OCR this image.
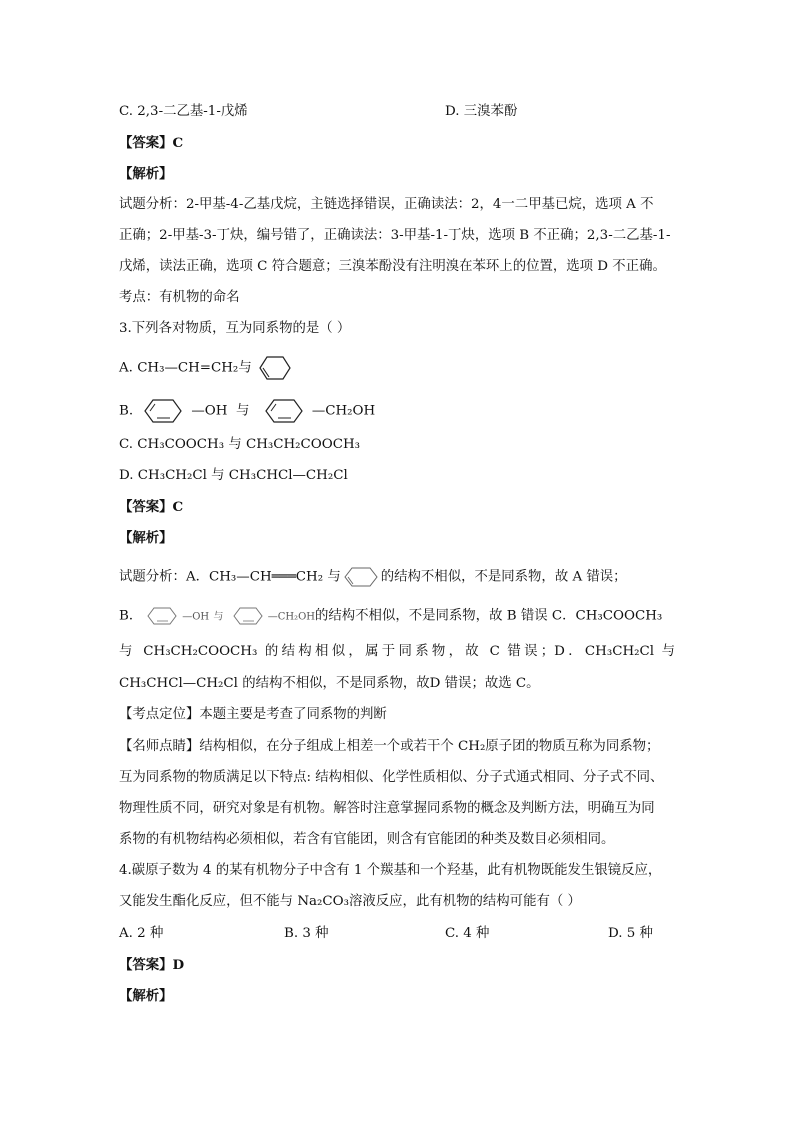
C. 2,3-二乙基-1-戊烯	D. 三溴苯酚
【答案】C
【解析】
试题分析：2-甲基-4-乙基戊烷，主链选择错误，正确读法：2，4一二甲基已烷，选项 A 不
正确；2-甲基-3-丁炔，编号错了，正确读法：3-甲基-1-丁炔，选项 B 不正确；2,3-二乙基-1-
戊烯，读法正确，选项 C 符合题意；三溴苯酚没有注明溴在苯环上的位置，选项 D 不正确。
考点：有机物的命名
3.下列各对物质，互为同系物的是（ ）
A. CH₃—CH=CH₂与
B.	—OH 与	—CH₂OH
C. CH₃COOCH₃ 与 CH₃CH₂COOCH₃
D. CH₃CH₂Cl 与 CH₃CHCl—CH₂Cl
【答案】C
【解析】
试题分析：A．CH₃—CH═══CH₂ 与	的结构不相似，不是同系物，故 A 错误；
B．	—OH 与	—CH₂OH的结构不相似，不是同系物，故 B 错误 C．CH₃COOCH₃
与 CH₃CH₂COOCH₃ 的结构相似，属于同系物，故 C 错误；D．CH₃CH₂Cl 与
CH₃CHCl—CH₂Cl 的结构不相似，不是同系物，故D 错误；故选 C。
【考点定位】本题主要是考查了同系物的判断
【名师点睛】结构相似，在分子组成上相差一个或若干个 CH₂原子团的物质互称为同系物；
互为同系物的物质满足以下特点: 结构相似、化学性质相似、分子式通式相同、分子式不同、
物理性质不同，研究对象是有机物。解答时注意掌握同系物的概念及判断方法，明确互为同
系物的有机物结构必须相似，若含有官能团，则含有官能团的种类及数目必须相同。
4.碳原子数为 4 的某有机物分子中含有 1 个羰基和一个羟基，此有机物既能发生银镜反应，
又能发生酯化反应，但不能与 Na₂CO₃溶液反应，此有机物的结构可能有（ ）
A. 2 种	B. 3 种	C. 4 种	D. 5 种
【答案】D
【解析】
